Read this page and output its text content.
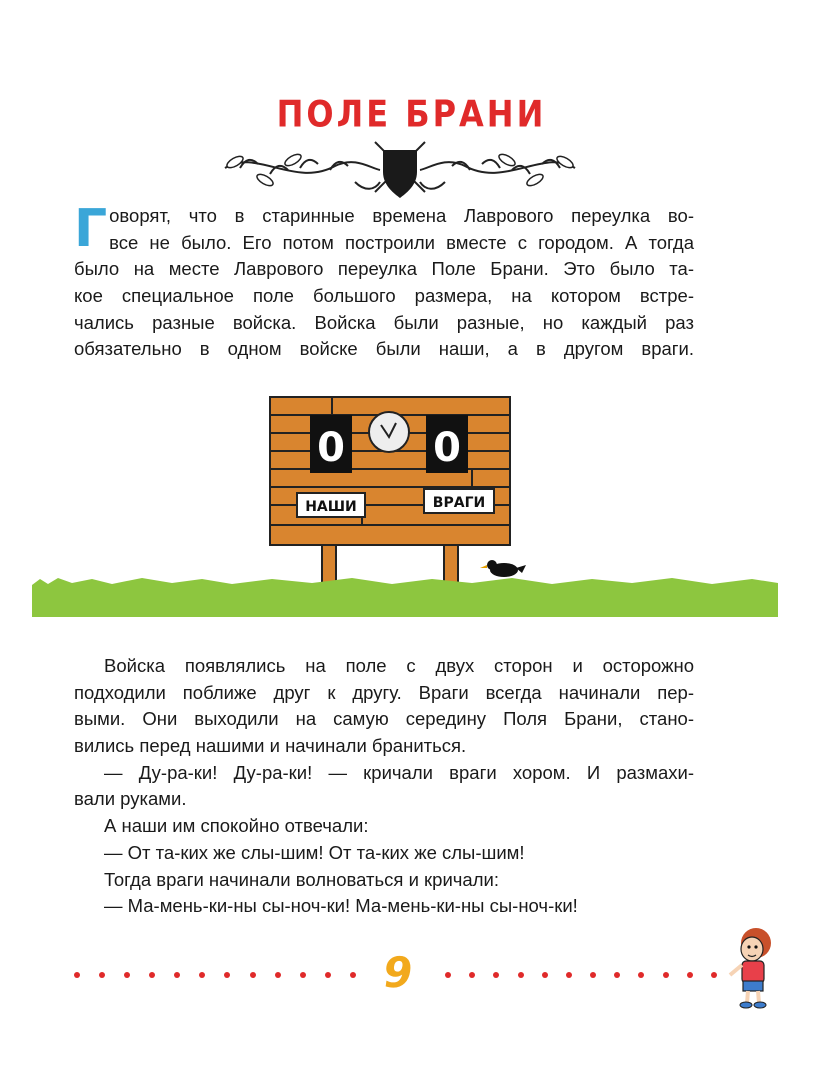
ПОЛЕ БРАНИ
Г оворят, что в старинные времена Лаврового переулка во-
все не было. Его потом построили вместе с городом. А тогда
было на месте Лаврового переулка Поле Брани. Это было та-
кое специальное поле большого размера, на котором встре-
чались разные войска. Войска были разные, но каждый раз
обязательно в одном войске были наши, а в другом враги.
0 0
НАШИ	ВРАГИ
Войска появлялись на поле с двух сторон и осторожно
подходили поближе друг к другу. Враги всегда начинали пер-
выми. Они выходили на самую середину Поля Брани, стано-
вились перед нашими и начинали браниться.
— Ду-ра-ки! Ду-ра-ки! — кричали враги хором. И размахи-
вали руками.
А наши им спокойно отвечали:
— От та-ких же слы-шим! От та-ких же слы-шим!
Тогда враги начинали волноваться и кричали:
— Ма-мень-ки-ны сы-ноч-ки! Ма-мень-ки-ны сы-ноч-ки!
9
